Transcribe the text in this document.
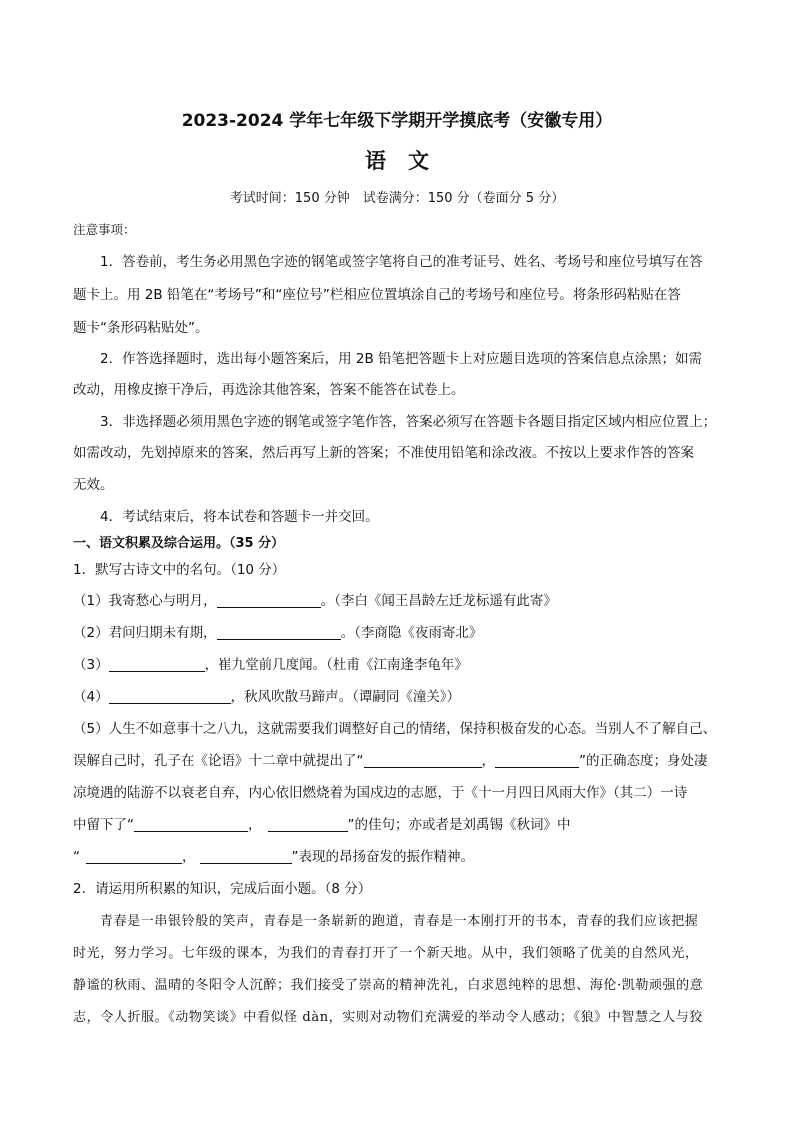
2023-2024 学年七年级下学期开学摸底考（安徽专用）
语文
考试时间：150 分钟　试卷满分：150 分（卷面分 5 分）
注意事项：
1．答卷前，考生务必用黑色字迹的钢笔或签字笔将自己的准考证号、姓名、考场号和座位号填写在答
题卡上。用 2B 铅笔在“考场号”和“座位号”栏相应位置填涂自己的考场号和座位号。将条形码粘贴在答
题卡“条形码粘贴处”。
2．作答选择题时，选出每小题答案后，用 2B 铅笔把答题卡上对应题目选项的答案信息点涂黑；如需
改动，用橡皮擦干净后，再选涂其他答案，答案不能答在试卷上。
3．非选择题必须用黑色字迹的钢笔或签字笔作答，答案必须写在答题卡各题目指定区域内相应位置上；
如需改动，先划掉原来的答案，然后再写上新的答案；不准使用铅笔和涂改液。不按以上要求作答的答案
无效。
4．考试结束后，将本试卷和答题卡一并交回。
一、语文积累及综合运用。（35 分）
1．默写古诗文中的名句。（10 分）
（1）我寄愁心与明月，	。（李白《闻王昌龄左迁龙标遥有此寄》
（2）君问归期未有期，	。（李商隐《夜雨寄北》
（3）	，崔九堂前几度闻。（杜甫《江南逢李龟年》
（4）	，秋风吹散马蹄声。（谭嗣同《潼关》）
（5）人生不如意事十之八九，这就需要我们调整好自己的情绪，保持积极奋发的心态。当别人不了解自己、
误解自己时，孔子在《论语》十二章中就提出了“	，	”的正确态度；身处凄
凉境遇的陆游不以衰老自弃，内心依旧燃烧着为国戍边的志愿，于《十一月四日风雨大作》（其二）一诗
中留下了“	，	”的佳句；亦或者是刘禹锡《秋词》中
“	，	”表现的昂扬奋发的振作精神。
2．请运用所积累的知识，完成后面小题。（8 分）
青春是一串银铃般的笑声，青春是一条崭新的跑道，青春是一本刚打开的书本，青春的我们应该把握
时光，努力学习。七年级的课本，为我们的青春打开了一个新天地。从中，我们领略了优美的自然风光，
静谧的秋雨、温晴的冬阳令人沉醉；我们接受了崇高的精神洗礼，白求恩纯粹的思想、海伦·凯勒顽强的意
志，令人折服。《动物笑谈》中看似怪 dàn，实则对动物们充满爱的举动令人感动；《狼》中智慧之人与狡
